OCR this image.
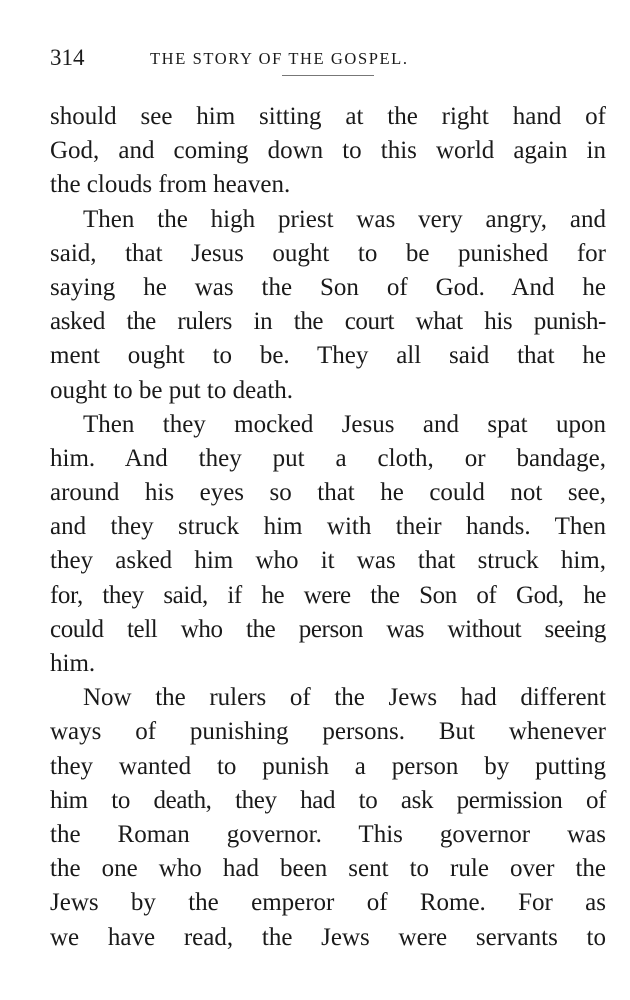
314	THE STORY OF THE GOSPEL.
should see him sitting at the right hand of
God, and coming down to this world again in
the clouds from heaven.
Then the high priest was very angry, and
said, that Jesus ought to be punished for
saying he was the Son of God. And he
asked the rulers in the court what his punish-
ment ought to be. They all said that he
ought to be put to death.
Then they mocked Jesus and spat upon
him. And they put a cloth, or bandage,
around his eyes so that he could not see,
and they struck him with their hands. Then
they asked him who it was that struck him,
for, they said, if he were the Son of God, he
could tell who the person was without seeing
him.
Now the rulers of the Jews had different
ways of punishing persons. But whenever
they wanted to punish a person by putting
him to death, they had to ask permission of
the Roman governor. This governor was
the one who had been sent to rule over the
Jews by the emperor of Rome. For as
we have read, the Jews were servants to
